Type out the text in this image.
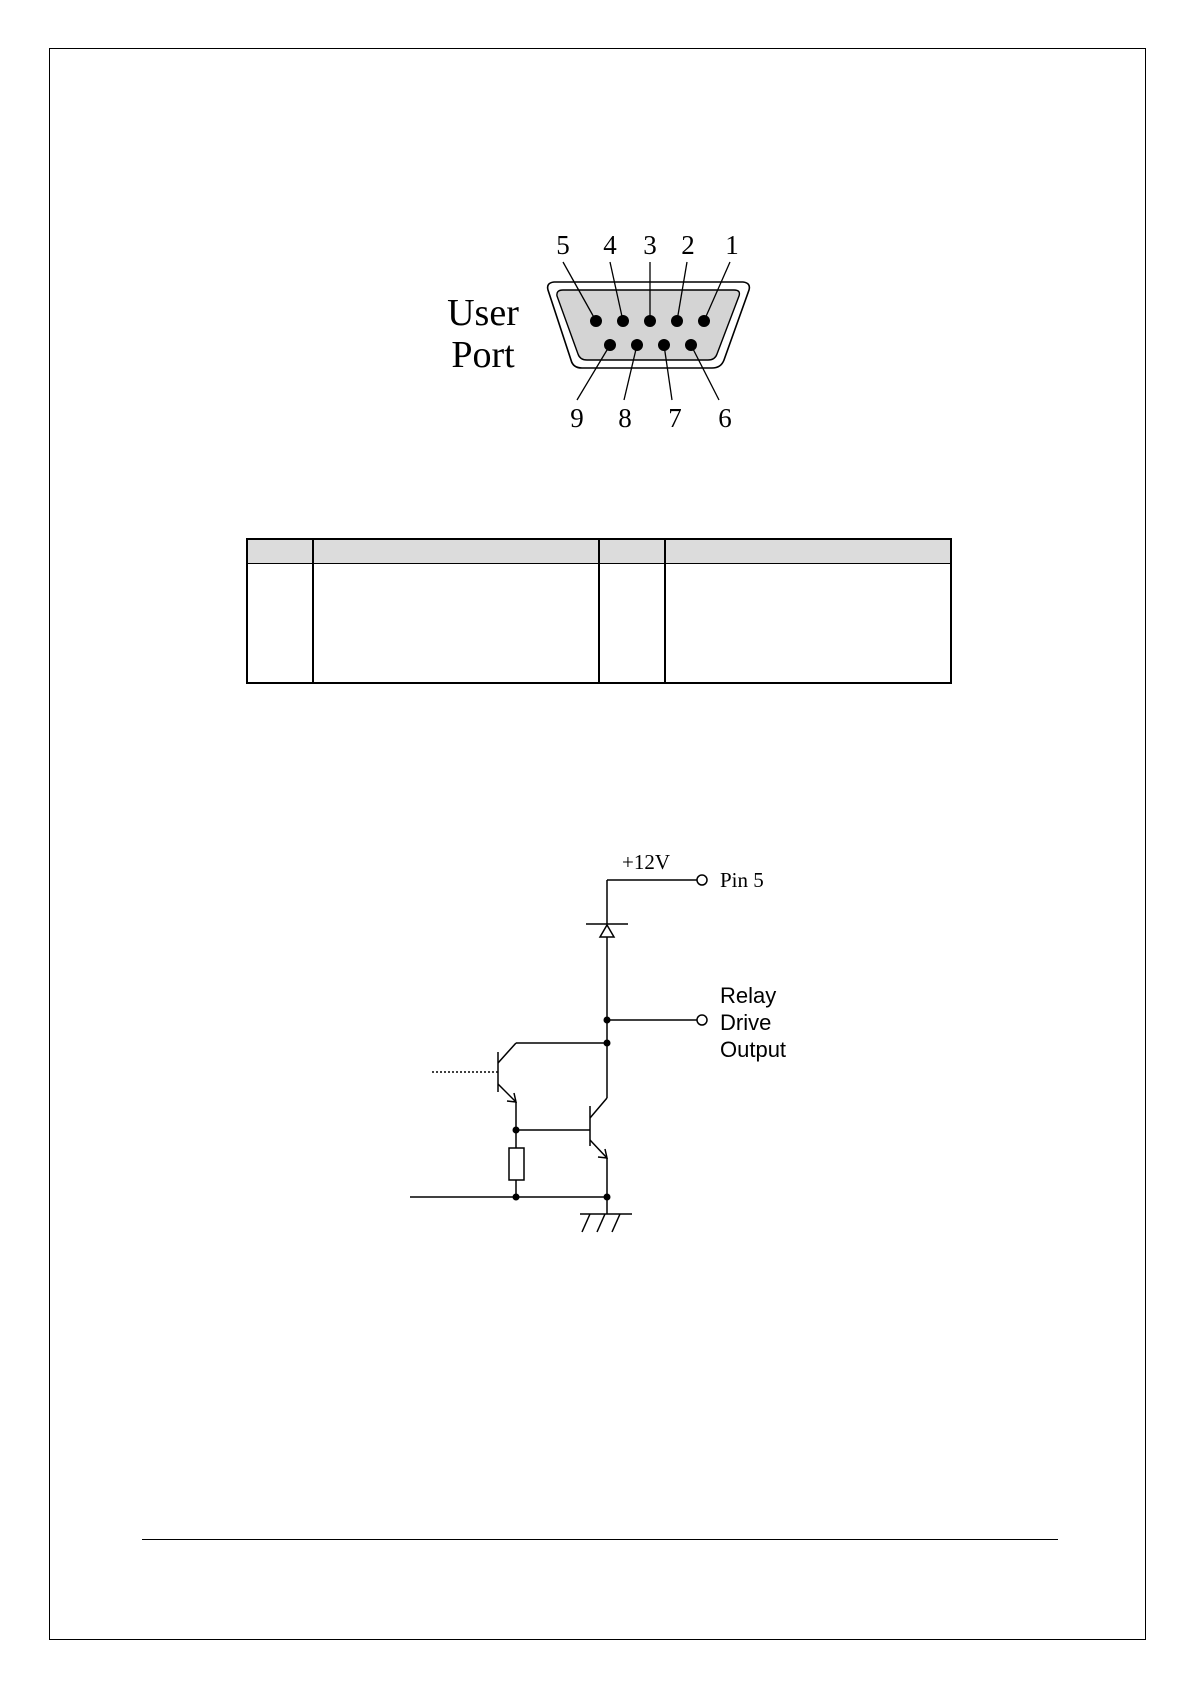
User
Port
5 4 3 2 1
9 8 7 6
+12V
Pin 5
Relay
Drive
Output
